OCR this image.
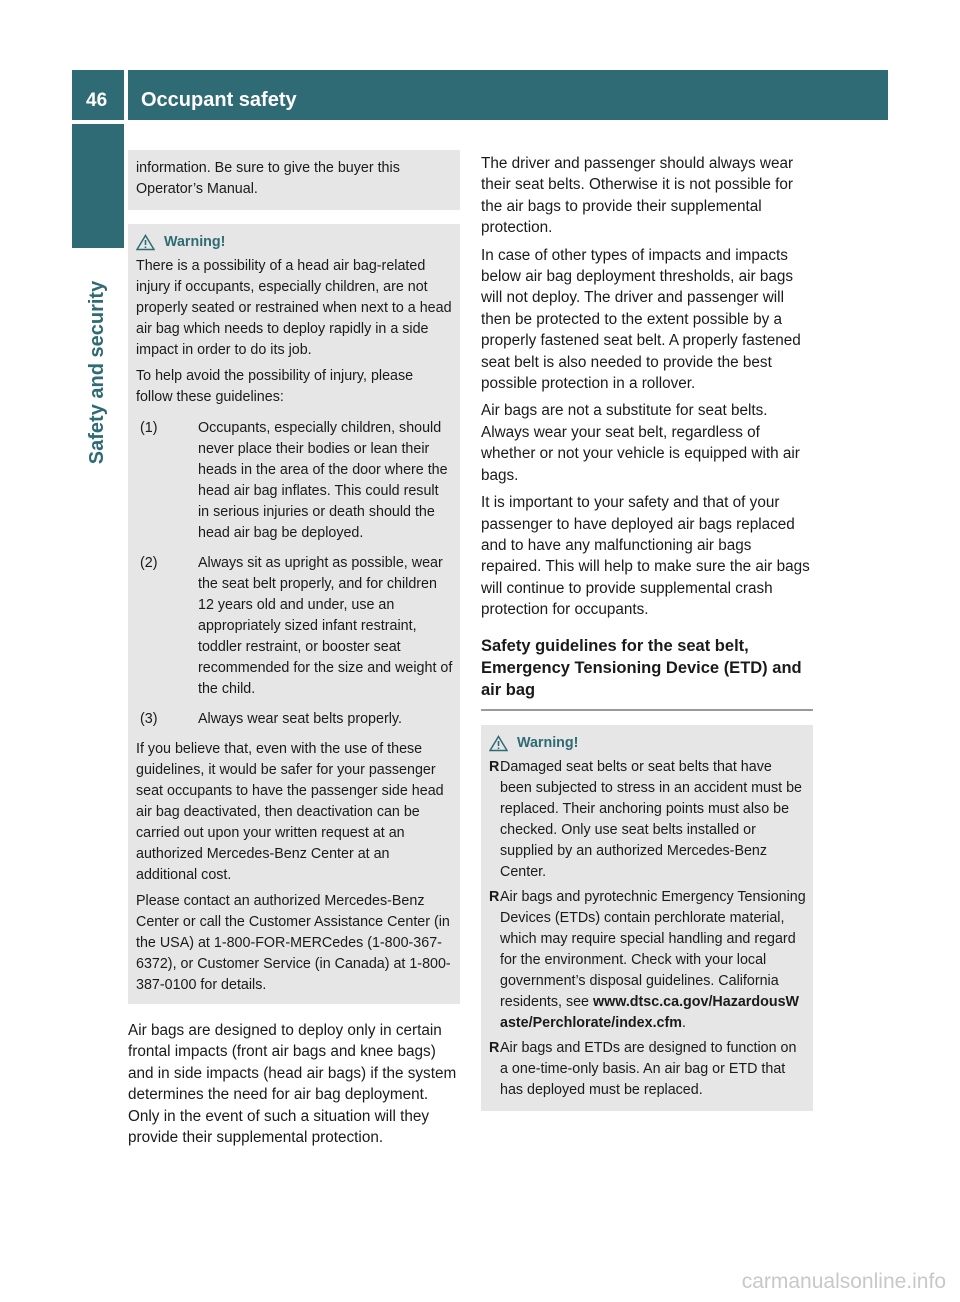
46	Occupant safety
Safety and security

information. Be sure to give the buyer this Operator’s Manual.

Warning!

There is a possibility of a head air bag-related injury if occupants, especially children, are not properly seated or restrained when next to a head air bag which needs to deploy rapidly in a side impact in order to do its job.

To help avoid the possibility of injury, please follow these guidelines:

(1)	Occupants, especially children, should never place their bodies or lean their heads in the area of the door where the head air bag inflates. This could result in serious injuries or death should the head air bag be deployed.
(2)	Always sit as upright as possible, wear the seat belt properly, and for children 12 years old and under, use an appropriately sized infant restraint, toddler restraint, or booster seat recommended for the size and weight of the child.
(3)	Always wear seat belts properly.

If you believe that, even with the use of these guidelines, it would be safer for your passenger seat occupants to have the passenger side head air bag deactivated, then deactivation can be carried out upon your written request at an authorized Mercedes-Benz Center at an additional cost.

Please contact an authorized Mercedes-Benz Center or call the Customer Assistance Center (in the USA) at 1-800-FOR-MERCedes (1-800-367-6372), or Customer Service (in Canada) at 1-800-387-0100 for details.

Air bags are designed to deploy only in certain frontal impacts (front air bags and knee bags) and in side impacts (head air bags) if the system determines the need for air bag deployment. Only in the event of such a situation will they provide their supplemental protection.

The driver and passenger should always wear their seat belts. Otherwise it is not possible for the air bags to provide their supplemental protection.

In case of other types of impacts and impacts below air bag deployment thresholds, air bags will not deploy. The driver and passenger will then be protected to the extent possible by a properly fastened seat belt. A properly fastened seat belt is also needed to provide the best possible protection in a rollover.

Air bags are not a substitute for seat belts. Always wear your seat belt, regardless of whether or not your vehicle is equipped with air bags.

It is important to your safety and that of your passenger to have deployed air bags replaced and to have any malfunctioning air bags repaired. This will help to make sure the air bags will continue to provide supplemental crash protection for occupants.

Safety guidelines for the seat belt, Emergency Tensioning Device (ETD) and air bag
Warning!
R Damaged seat belts or seat belts that have been subjected to stress in an accident must be replaced. Their anchoring points must also be checked. Only use seat belts installed or supplied by an authorized Mercedes-Benz Center.
R Air bags and pyrotechnic Emergency Tensioning Devices (ETDs) contain perchlorate material, which may require special handling and regard for the environment. Check with your local government’s disposal guidelines. California residents, see www.dtsc.ca.gov/HazardousWaste/Perchlorate/index.cfm.
R Air bags and ETDs are designed to function on a one-time-only basis. An air bag or ETD that has deployed must be replaced.
carmanualsonline.info
